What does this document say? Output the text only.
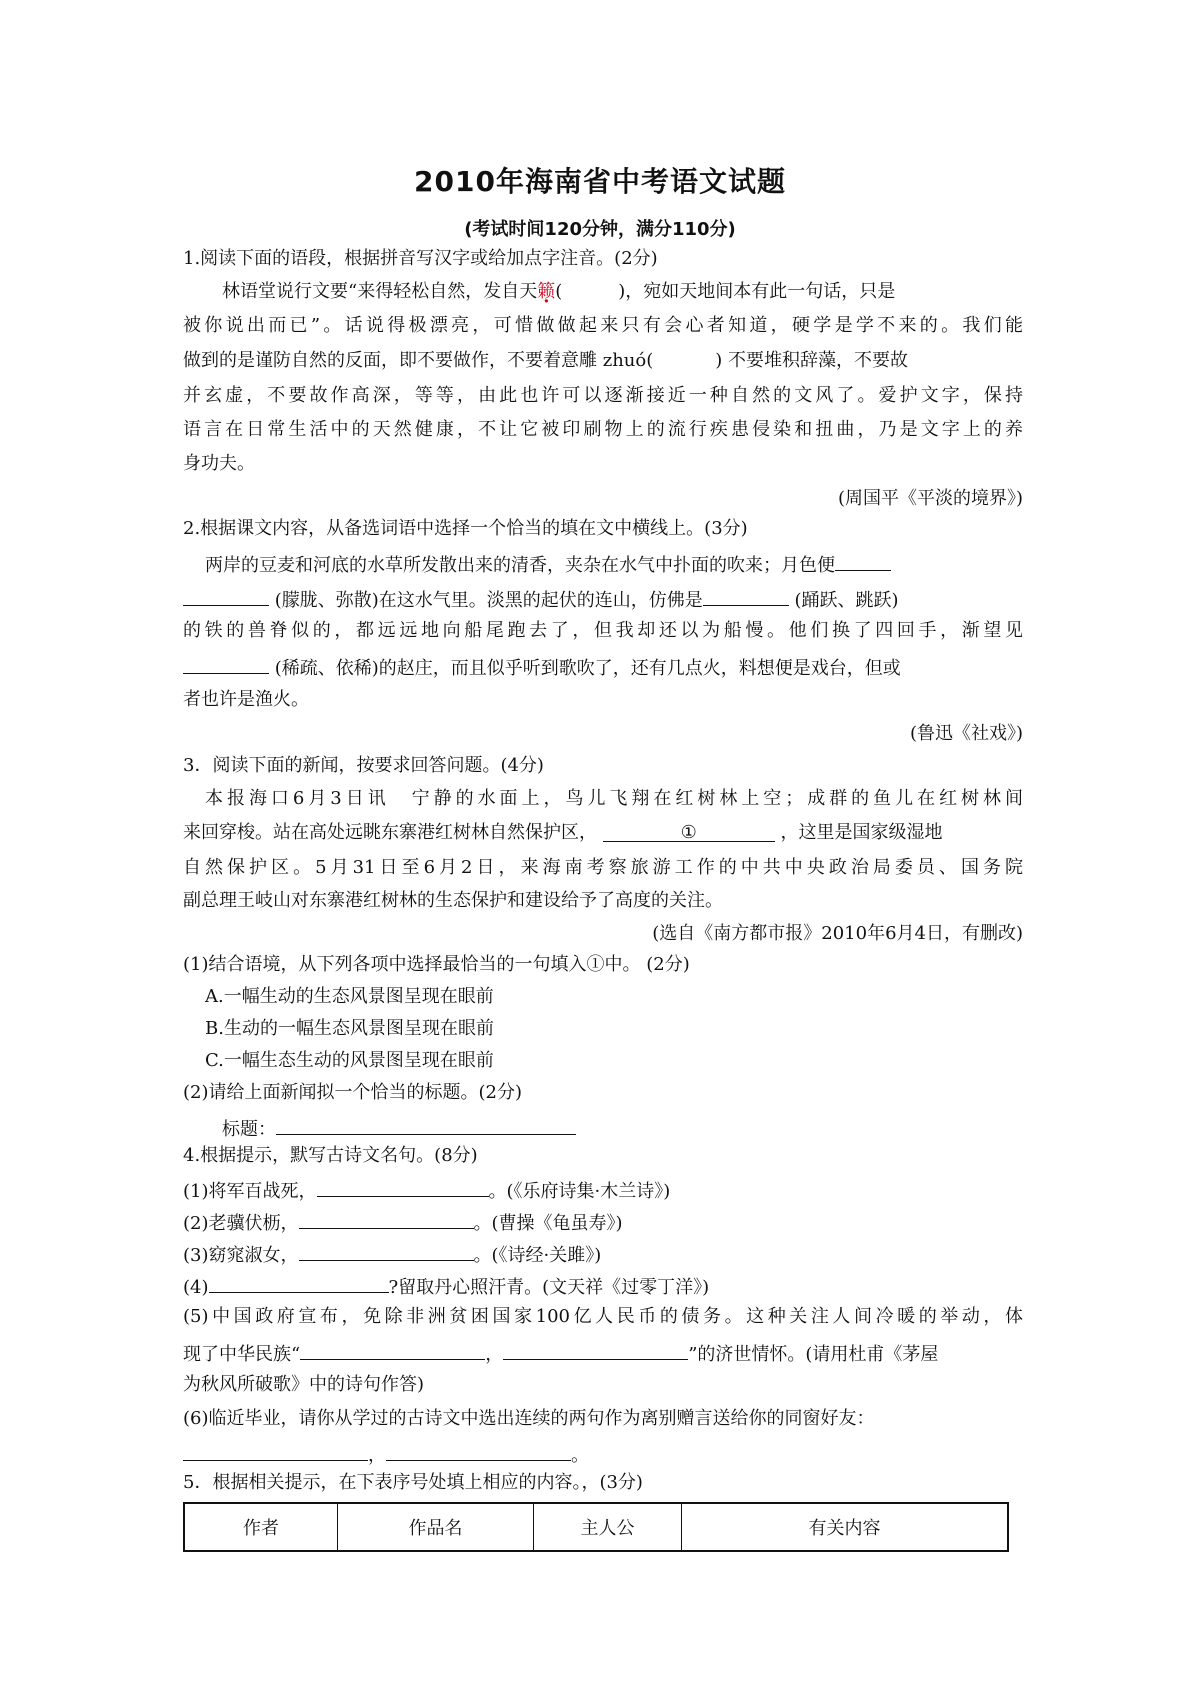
2010年海南省中考语文试题
(考试时间120分钟，满分110分)
1.阅读下面的语段，根据拼音写汉字或给加点字注音。(2分)
林语堂说行文要“来得轻松自然，发自天籁(	)，宛如天地间本有此一句话，只是
被你说出而已”。话说得极漂亮，可惜做做起来只有会心者知道，硬学是学不来的。我们能
做到的是谨防自然的反面，即不要做作，不要着意雕 zhuó(	) 不要堆积辞藻，不要故
并玄虚，不要故作高深，等等，由此也许可以逐渐接近一种自然的文风了。爱护文字，保持
语言在日常生活中的天然健康，不让它被印刷物上的流行疾患侵染和扭曲，乃是文字上的养
身功夫。
(周国平《平淡的境界》)
2.根据课文内容，从备选词语中选择一个恰当的填在文中横线上。(3分)
两岸的豆麦和河底的水草所发散出来的清香，夹杂在水气中扑面的吹来；月色便
(朦胧、弥散)在这水气里。淡黑的起伏的连山，仿佛是	(踊跃、跳跃)
的铁的兽脊似的，都远远地向船尾跑去了，但我却还以为船慢。他们换了四回手，渐望见
(稀疏、依稀)的赵庄，而且似乎听到歌吹了，还有几点火，料想便是戏台，但或
者也许是渔火。
(鲁迅《社戏》)
3．阅读下面的新闻，按要求回答问题。(4分)
本报海口6月3日讯　宁静的水面上，鸟儿飞翔在红树林上空；成群的鱼儿在红树林间
来回穿梭。站在高处远眺东寨港红树林自然保护区，	①	，这里是国家级湿地
自然保护区。5月31日至6月2日，来海南考察旅游工作的中共中央政治局委员、国务院
副总理王岐山对东寨港红树林的生态保护和建设给予了高度的关注。
(选自《南方都市报》2010年6月4日，有删改)
(1)结合语境，从下列各项中选择最恰当的一句填入①中。 (2分)
A.一幅生动的生态风景图呈现在眼前
B.生动的一幅生态风景图呈现在眼前
C.一幅生态生动的风景图呈现在眼前
(2)请给上面新闻拟一个恰当的标题。(2分)
标题：
4.根据提示，默写古诗文名句。(8分)
(1)将军百战死，	。(《乐府诗集·木兰诗》)
(2)老骥伏枥，	。(曹操《龟虽寿》)
(3)窈窕淑女，	。(《诗经·关雎》)
(4)	?留取丹心照汗青。(文天祥《过零丁洋》)
(5)中国政府宣布，免除非洲贫困国家100亿人民币的债务。这种关注人间冷暖的举动，体
现了中华民族“	，	”的济世情怀。(请用杜甫《茅屋
为秋风所破歌》中的诗句作答)
(6)临近毕业，请你从学过的古诗文中选出连续的两句作为离别赠言送给你的同窗好友：
，	。
5．根据相关提示，在下表序号处填上相应的内容。，(3分)
作者	作品名	主人公	有关内容
